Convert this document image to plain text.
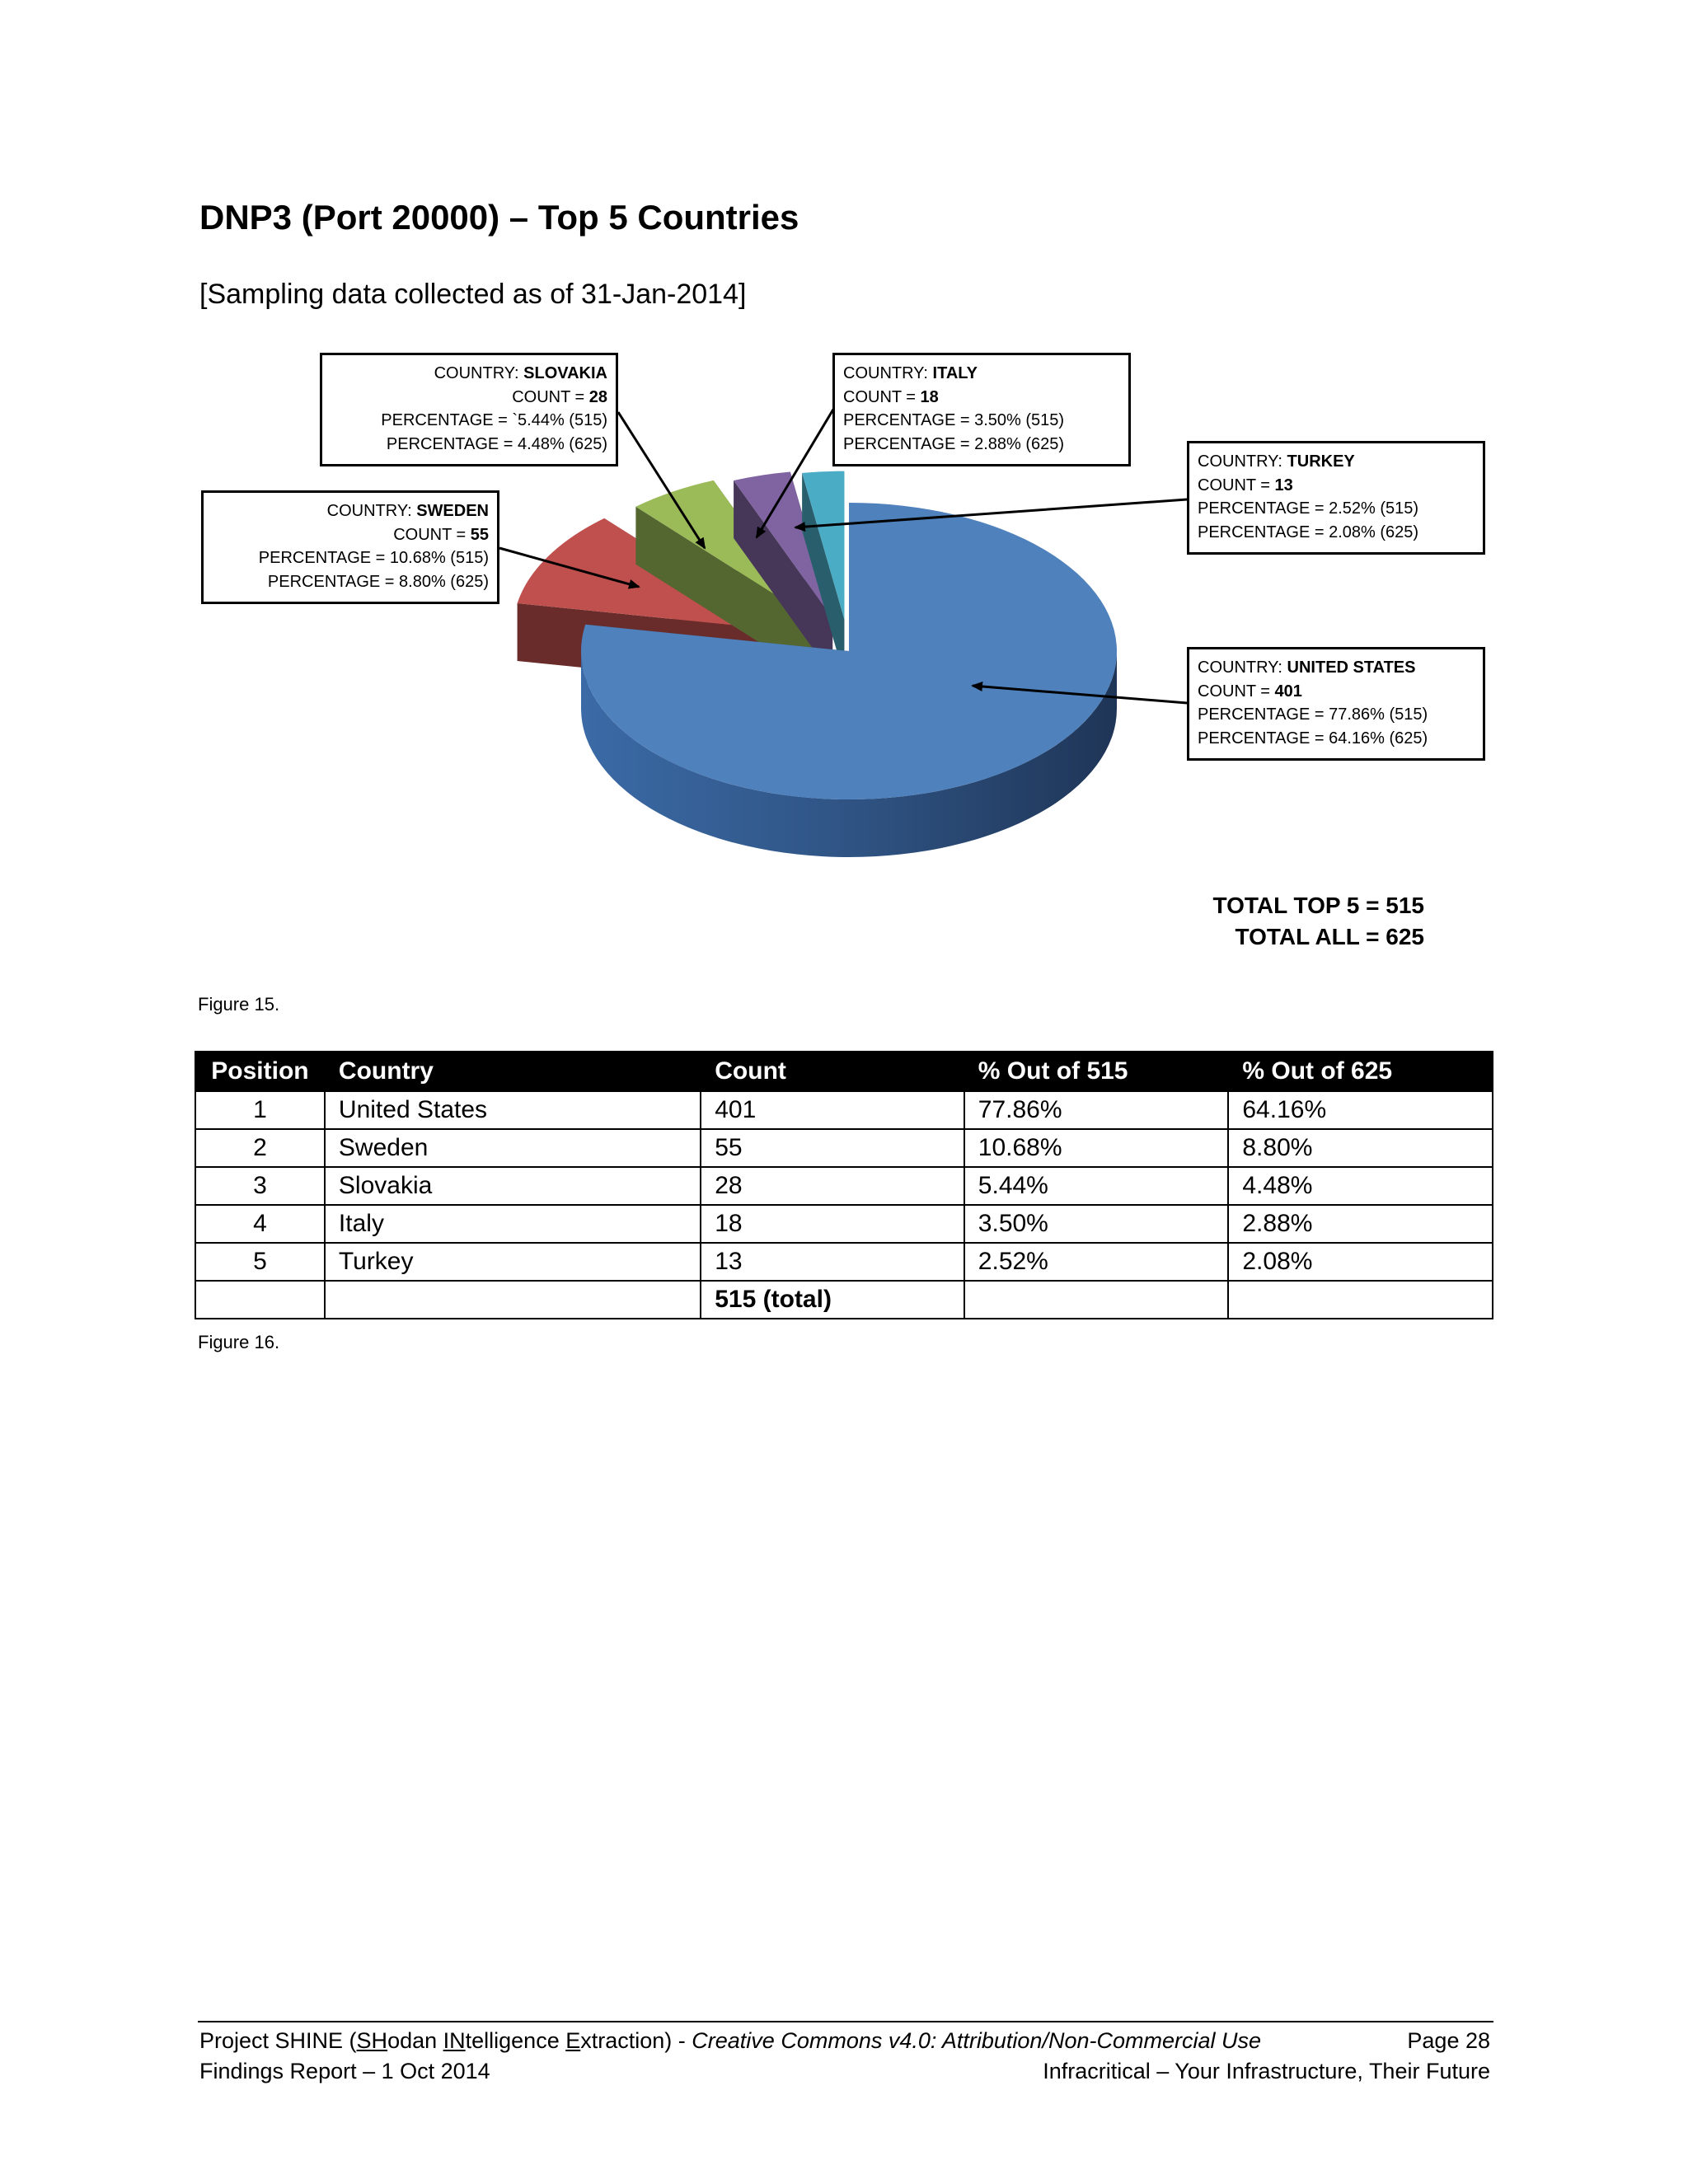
DNP3 (Port 20000) – Top 5 Countries
[Sampling data collected as of 31-Jan-2014]
COUNTRY: SLOVAKIA
COUNT = 28
PERCENTAGE = `5.44% (515)
PERCENTAGE = 4.48% (625)
COUNTRY: ITALY
COUNT = 18
PERCENTAGE = 3.50% (515)
PERCENTAGE = 2.88% (625)
COUNTRY: SWEDEN
COUNT = 55
PERCENTAGE = 10.68% (515)
PERCENTAGE = 8.80% (625)
COUNTRY: TURKEY
COUNT = 13
PERCENTAGE = 2.52% (515)
PERCENTAGE = 2.08% (625)
COUNTRY: UNITED STATES
COUNT = 401
PERCENTAGE = 77.86% (515)
PERCENTAGE = 64.16% (625)
TOTAL TOP 5 = 515
TOTAL ALL = 625
Figure 15.
Position	Country	Count	% Out of 515	% Out of 625
1	United States	401	77.86%	64.16%
2	Sweden	55	10.68%	8.80%
3	Slovakia	28	5.44%	4.48%
4	Italy	18	3.50%	2.88%
5	Turkey	13	2.52%	2.08%
		515 (total)		
Figure 16.
Project SHINE (SHodan INtelligence Extraction) - Creative Commons v4.0: Attribution/Non-Commercial Use
Findings Report – 1 Oct 2014
Page 28
Infracritical – Your Infrastructure, Their Future
